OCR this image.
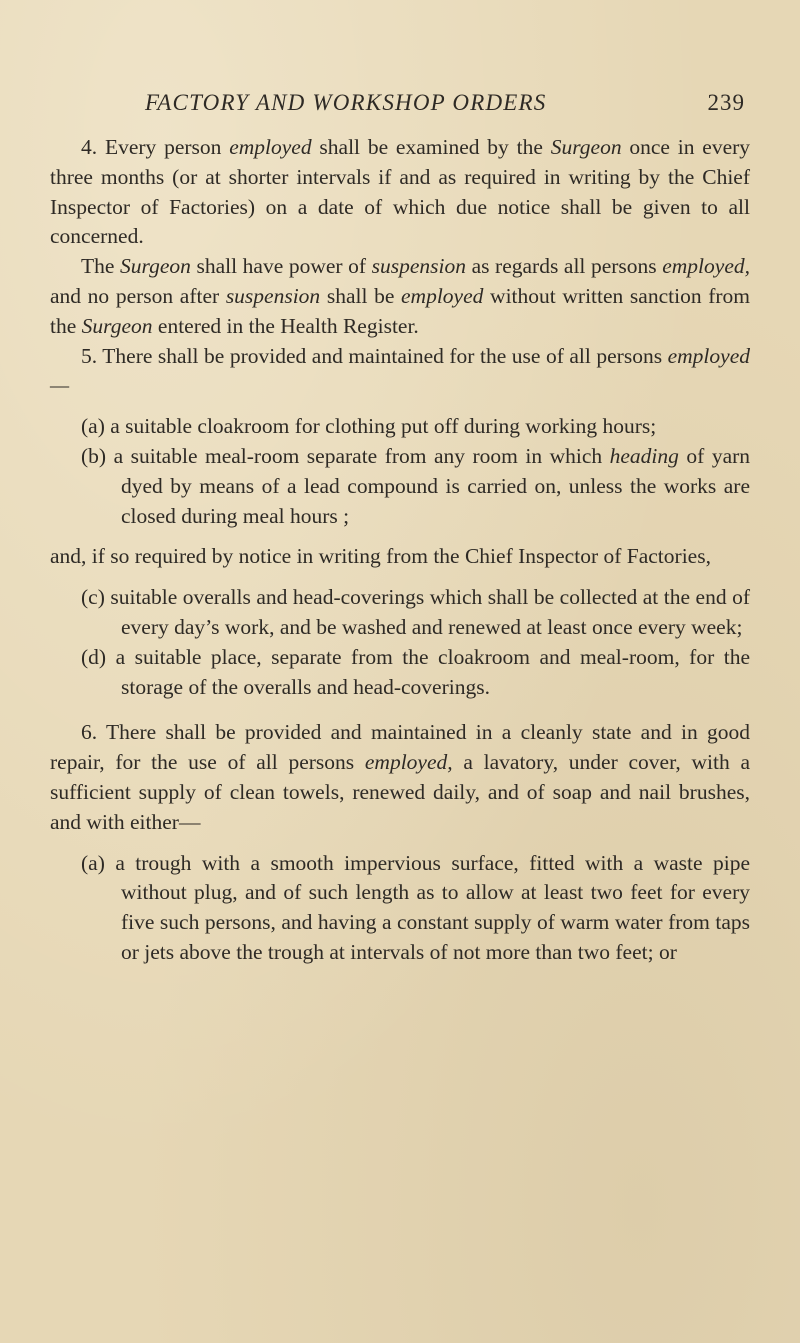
FACTORY AND WORKSHOP ORDERS	239

4. Every person employed shall be examined by the Surgeon once in every three months (or at shorter intervals if and as required in writing by the Chief Inspector of Factories) on a date of which due notice shall be given to all concerned.

The Surgeon shall have power of suspension as regards all persons employed, and no person after suspension shall be employed without written sanction from the Surgeon entered in the Health Register.

5. There shall be provided and maintained for the use of all persons employed—

(a) a suitable cloakroom for clothing put off during working hours;

(b) a suitable meal-room separate from any room in which heading of yarn dyed by means of a lead compound is carried on, unless the works are closed during meal hours ;

and, if so required by notice in writing from the Chief Inspector of Factories,

(c) suitable overalls and head-coverings which shall be collected at the end of every day’s work, and be washed and renewed at least once every week;

(d) a suitable place, separate from the cloakroom and meal-room, for the storage of the overalls and head-coverings.

6. There shall be provided and maintained in a cleanly state and in good repair, for the use of all persons employed, a lavatory, under cover, with a sufficient supply of clean towels, renewed daily, and of soap and nail brushes, and with either—

(a) a trough with a smooth impervious surface, fitted with a waste pipe without plug, and of such length as to allow at least two feet for every five such persons, and having a constant supply of warm water from taps or jets above the trough at intervals of not more than two feet; or
